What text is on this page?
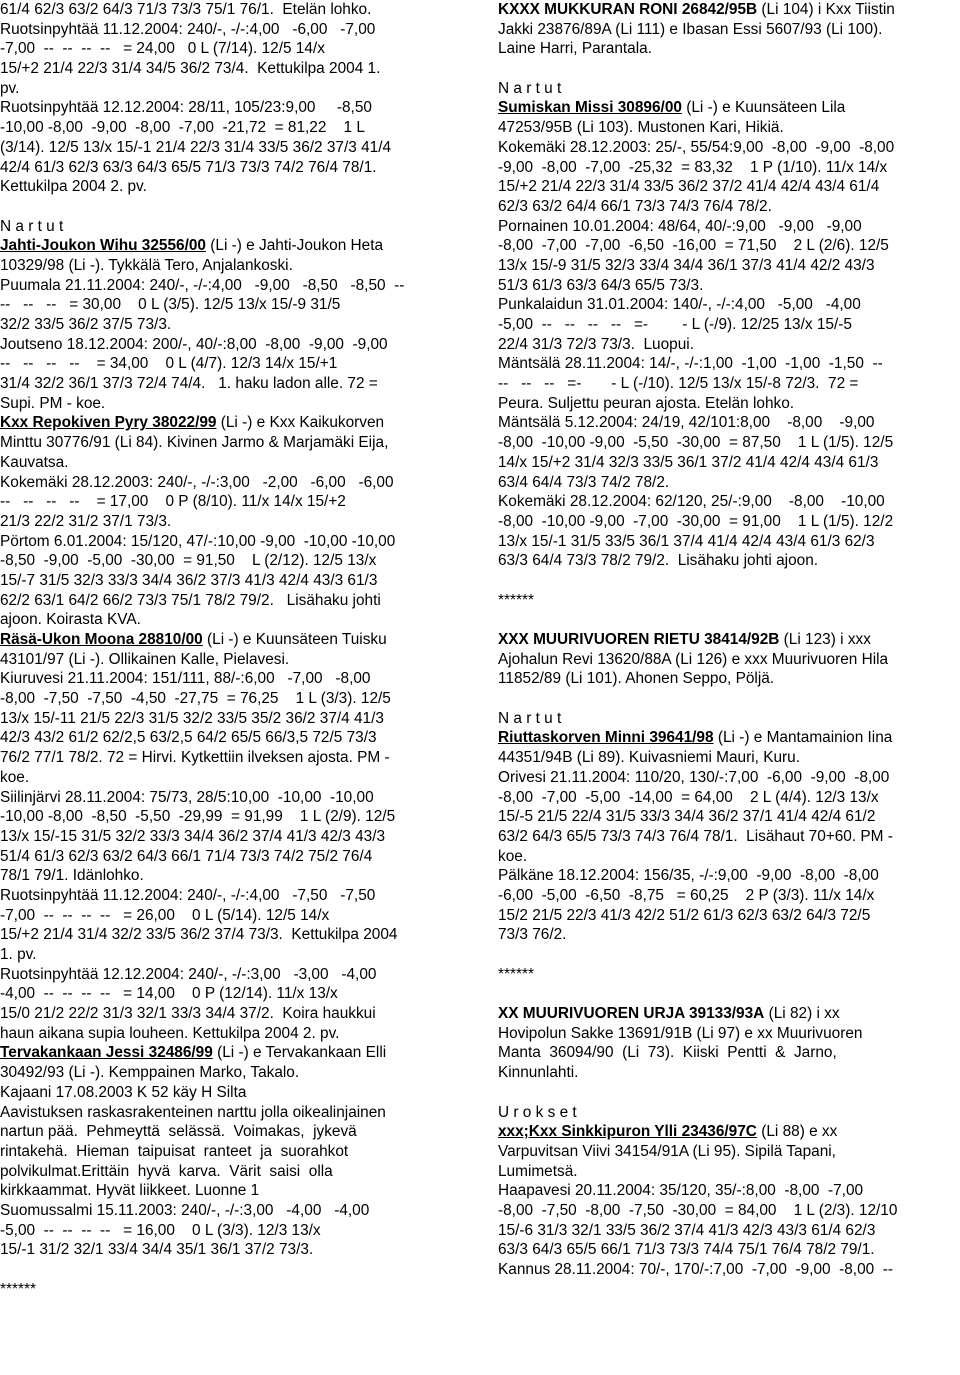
61/4 62/3 63/2 64/3 71/3 73/3 75/1 76/1.  Etelän lohko.
Ruotsinpyhtää 11.12.2004: 240/-, -/-:4,00   -6,00   -7,00
-7,00  --  --  --  --   = 24,00   0 L (7/14). 12/5 14/x
15/+2 21/4 22/3 31/4 34/5 36/2 73/4.  Kettukilpa 2004 1.
pv.
Ruotsinpyhtää 12.12.2004: 28/11, 105/23:9,00     -8,50
-10,00 -8,00  -9,00  -8,00  -7,00  -21,72  = 81,22    1 L
(3/14). 12/5 13/x 15/-1 21/4 22/3 31/4 33/5 36/2 37/3 41/4
42/4 61/3 62/3 63/3 64/3 65/5 71/3 73/3 74/2 76/4 78/1.
Kettukilpa 2004 2. pv.
N a r t u t
Jahti-Joukon Wihu 32556/00 (Li -) e Jahti-Joukon Heta
10329/98 (Li -). Tykkälä Tero, Anjalankoski.
Puumala 21.11.2004: 240/-, -/-:4,00   -9,00   -8,50   -8,50  --
--   --   --   = 30,00    0 L (3/5). 12/5 13/x 15/-9 31/5
32/2 33/5 36/2 37/5 73/3.
Joutseno 18.12.2004: 200/-, 40/-:8,00  -8,00  -9,00  -9,00
--   --   --   --    = 34,00    0 L (4/7). 12/3 14/x 15/+1
31/4 32/2 36/1 37/3 72/4 74/4.   1. haku ladon alle. 72 =
Supi. PM - koe.
Kxx Repokiven Pyry 38022/99 (Li -) e Kxx Kaikukorven
Minttu 30776/91 (Li 84). Kivinen Jarmo & Marjamäki Eija,
Kauvatsa.
Kokemäki 28.12.2003: 240/-, -/-:3,00   -2,00   -6,00   -6,00
--   --   --   --    = 17,00    0 P (8/10). 11/x 14/x 15/+2
21/3 22/2 31/2 37/1 73/3.
Pörtom 6.01.2004: 15/120, 47/-:10,00 -9,00  -10,00 -10,00
-8,50  -9,00  -5,00  -30,00  = 91,50    L (2/12). 12/5 13/x
15/-7 31/5 32/3 33/3 34/4 36/2 37/3 41/3 42/4 43/3 61/3
62/2 63/1 64/2 66/2 73/3 75/1 78/2 79/2.   Lisähaku johti
ajoon. Koirasta KVA.
Räsä-Ukon Moona 28810/00 (Li -) e Kuunsäteen Tuisku
43101/97 (Li -). Ollikainen Kalle, Pielavesi.
Kiuruvesi 21.11.2004: 151/111, 88/-:6,00   -7,00   -8,00
-8,00  -7,50  -7,50  -4,50  -27,75  = 76,25    1 L (3/3). 12/5
13/x 15/-11 21/5 22/3 31/5 32/2 33/5 35/2 36/2 37/4 41/3
42/3 43/2 61/2 62/2,5 63/2,5 64/2 65/5 66/3,5 72/5 73/3
76/2 77/1 78/2. 72 = Hirvi. Kytkettiin ilveksen ajosta. PM -
koe.
Siilinjärvi 28.11.2004: 75/73, 28/5:10,00  -10,00  -10,00
-10,00 -8,00  -8,50  -5,50  -29,99  = 91,99    1 L (2/9). 12/5
13/x 15/-15 31/5 32/2 33/3 34/4 36/2 37/4 41/3 42/3 43/3
51/4 61/3 62/3 63/2 64/3 66/1 71/4 73/3 74/2 75/2 76/4
78/1 79/1. Idänlohko.
Ruotsinpyhtää 11.12.2004: 240/-, -/-:4,00   -7,50   -7,50
-7,00  --  --  --  --   = 26,00    0 L (5/14). 12/5 14/x
15/+2 21/4 31/4 32/2 33/5 36/2 37/4 73/3.  Kettukilpa 2004
1. pv.
Ruotsinpyhtää 12.12.2004: 240/-, -/-:3,00   -3,00   -4,00
-4,00  --  --  --  --   = 14,00    0 P (12/14). 11/x 13/x
15/0 21/2 22/2 31/3 32/1 33/3 34/4 37/2.  Koira haukkui
haun aikana supia louheen. Kettukilpa 2004 2. pv.
Tervakankaan Jessi 32486/99 (Li -) e Tervakankaan Elli
30492/93 (Li -). Kemppainen Marko, Takalo.
Kajaani 17.08.2003 K 52 käy H Silta
Aavistuksen raskasrakenteinen narttu jolla oikealinjainen
nartun pää.  Pehmeyttä  selässä.  Voimakas,  jykevä
rintakehä.  Hieman  taipuisat  ranteet  ja  suorahkot
polvikulmat.Erittäin  hyvä  karva.  Värit  saisi  olla
kirkkaammat. Hyvät liikkeet. Luonne 1
Suomussalmi 15.11.2003: 240/-, -/-:3,00   -4,00   -4,00
-5,00  --  --  --  --   = 16,00    0 L (3/3). 12/3 13/x
15/-1 31/2 32/1 33/4 34/4 35/1 36/1 37/2 73/3.
******
KXXX MUKKURAN RONI 26842/95B (Li 104) i Kxx Tiistin
Jakki 23876/89A (Li 111) e Ibasan Essi 5607/93 (Li 100).
Laine Harri, Parantala.
N a r t u t
Sumiskan Missi 30896/00 (Li -) e Kuunsäteen Lila
47253/95B (Li 103). Mustonen Kari, Hikiä.
Kokemäki 28.12.2003: 25/-, 55/54:9,00  -8,00  -9,00  -8,00
-9,00  -8,00  -7,00  -25,32  = 83,32    1 P (1/10). 11/x 14/x
15/+2 21/4 22/3 31/4 33/5 36/2 37/2 41/4 42/4 43/4 61/4
62/3 63/2 64/4 66/1 73/3 74/3 76/4 78/2.
Pornainen 10.01.2004: 48/64, 40/-:9,00   -9,00   -9,00
-8,00  -7,00  -7,00  -6,50  -16,00  = 71,50    2 L (2/6). 12/5
13/x 15/-9 31/5 32/3 33/4 34/4 36/1 37/3 41/4 42/2 43/3
51/3 61/3 63/3 64/3 65/5 73/3.
Punkalaidun 31.01.2004: 140/-, -/-:4,00   -5,00   -4,00
-5,00  --   --   --   --   =-        - L (-/9). 12/25 13/x 15/-5
22/4 31/3 72/3 73/3.  Luopui.
Mäntsälä 28.11.2004: 14/-, -/-:1,00  -1,00  -1,00  -1,50  --
--   --   --   =-       - L (-/10). 12/5 13/x 15/-8 72/3.  72 =
Peura. Suljettu peuran ajosta. Etelän lohko.
Mäntsälä 5.12.2004: 24/19, 42/101:8,00    -8,00    -9,00
-8,00  -10,00 -9,00  -5,50  -30,00  = 87,50    1 L (1/5). 12/5
14/x 15/+2 31/4 32/3 33/5 36/1 37/2 41/4 42/4 43/4 61/3
63/4 64/4 73/3 74/2 78/2.
Kokemäki 28.12.2004: 62/120, 25/-:9,00    -8,00    -10,00
-8,00  -10,00 -9,00  -7,00  -30,00  = 91,00    1 L (1/5). 12/2
13/x 15/-1 31/5 33/5 36/1 37/4 41/4 42/4 43/4 61/3 62/3
63/3 64/4 73/3 78/2 79/2.  Lisähaku johti ajoon.
******
XXX MUURIVUOREN RIETU 38414/92B (Li 123) i xxx
Ajohalun Revi 13620/88A (Li 126) e xxx Muurivuoren Hila
11852/89 (Li 101). Ahonen Seppo, Pöljä.
N a r t u t
Riuttaskorven Minni 39641/98 (Li -) e Mantamainion Iina
44351/94B (Li 89). Kuivasniemi Mauri, Kuru.
Orivesi 21.11.2004: 110/20, 130/-:7,00  -6,00  -9,00  -8,00
-8,00  -7,00  -5,00  -14,00  = 64,00    2 L (4/4). 12/3 13/x
15/-5 21/5 22/4 31/5 33/3 34/4 36/2 37/1 41/4 42/4 61/2
63/2 64/3 65/5 73/3 74/3 76/4 78/1.  Lisähaut 70+60. PM -
koe.
Pälkäne 18.12.2004: 156/35, -/-:9,00  -9,00  -8,00  -8,00
-6,00  -5,00  -6,50  -8,75   = 60,25    2 P (3/3). 11/x 14/x
15/2 21/5 22/3 41/3 42/2 51/2 61/3 62/3 63/2 64/3 72/5
73/3 76/2.
******
XX MUURIVUOREN URJA 39133/93A (Li 82) i xx
Hovipolun Sakke 13691/91B (Li 97) e xx Muurivuoren
Manta  36094/90  (Li  73).  Kiiski  Pentti  &  Jarno,
Kinnunlahti.
U r o k s e t
xxx;Kxx Sinkkipuron Ylli 23436/97C (Li 88) e xx
Varpuvitsan Viivi 34154/91A (Li 95). Sipilä Tapani,
Lumimetsä.
Haapavesi 20.11.2004: 35/120, 35/-:8,00  -8,00  -7,00
-8,00  -7,50  -8,00  -7,50  -30,00  = 84,00    1 L (2/3). 12/10
15/-6 31/3 32/1 33/5 36/2 37/4 41/3 42/3 43/3 61/4 62/3
63/3 64/3 65/5 66/1 71/3 73/3 74/4 75/1 76/4 78/2 79/1.
Kannus 28.11.2004: 70/-, 170/-:7,00  -7,00  -9,00  -8,00  --
